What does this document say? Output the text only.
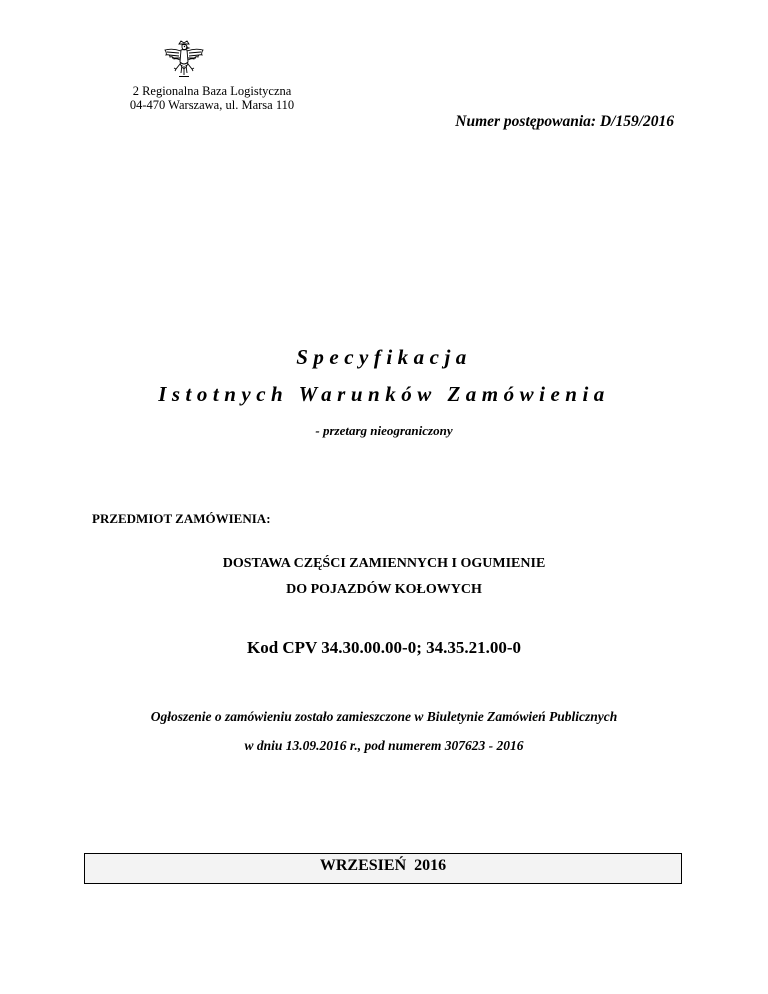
2 Regionalna Baza Logistyczna
04-470 Warszawa, ul. Marsa 110
Numer postępowania: D/159/2016
Specyfikacja
Istotnych Warunków Zamówienia
- przetarg nieograniczony
PRZEDMIOT ZAMÓWIENIA:
DOSTAWA CZĘŚCI ZAMIENNYCH I OGUMIENIE
DO POJAZDÓW KOŁOWYCH
Kod CPV 34.30.00.00-0; 34.35.21.00-0
Ogłoszenie o zamówieniu zostało zamieszczone w Biuletynie Zamówień Publicznych
w dniu 13.09.2016 r., pod numerem 307623 - 2016
WRZESIEŃ  2016
